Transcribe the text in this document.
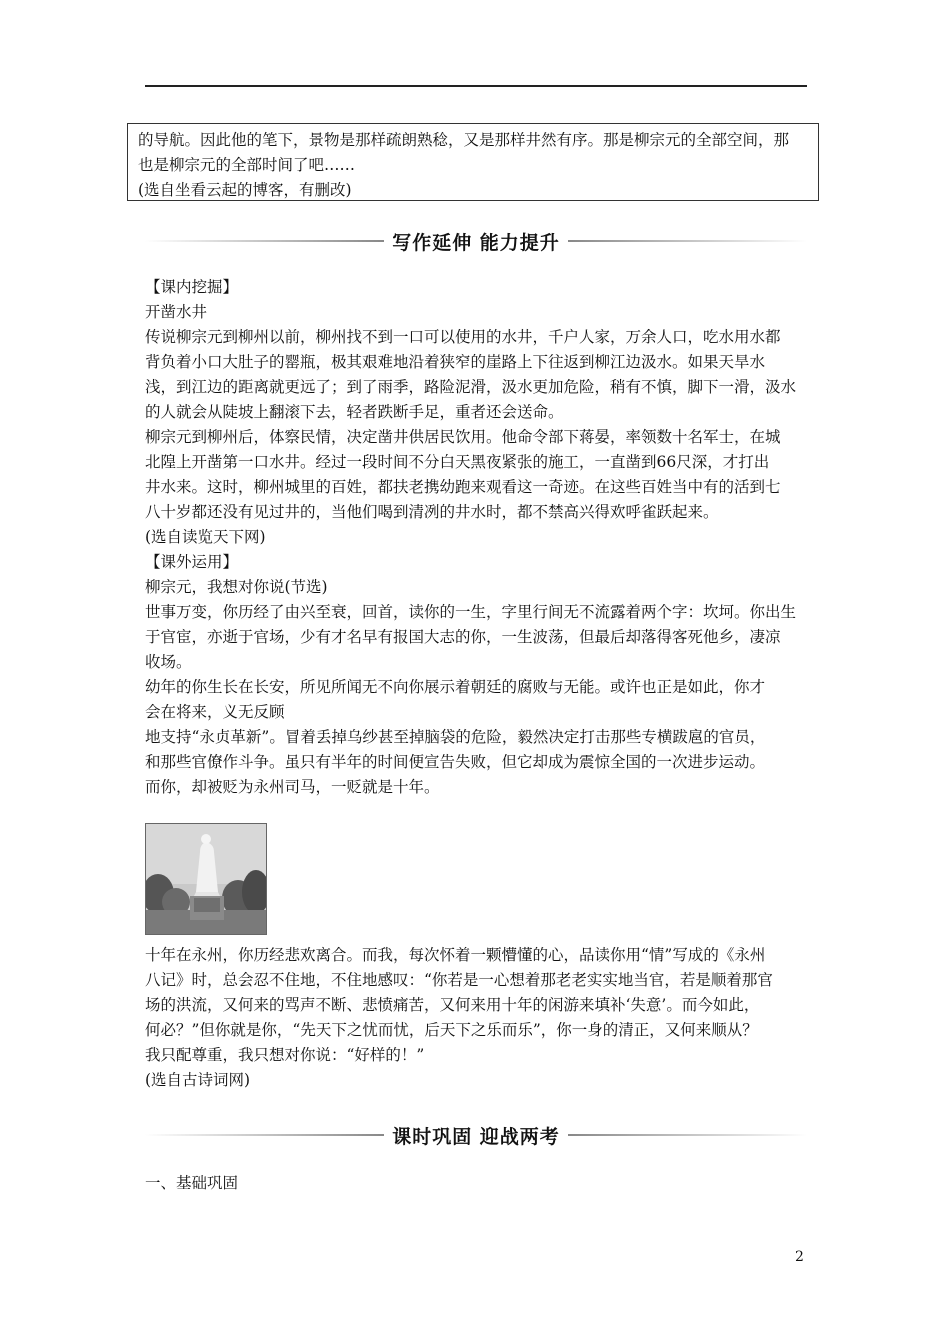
的导航。因此他的笔下，景物是那样疏朗熟稔，又是那样井然有序。那是柳宗元的全部空间，那

也是柳宗元的全部时间了吧……

(选自坐看云起的博客，有删改)

写作延伸 能力提升

【课内挖掘】

开凿水井

传说柳宗元到柳州以前，柳州找不到一口可以使用的水井，千户人家，万余人口，吃水用水都

背负着小口大肚子的罂瓶，极其艰难地沿着狭窄的崖路上下往返到柳江边汲水。如果天旱水

浅，到江边的距离就更远了；到了雨季，路险泥滑，汲水更加危险，稍有不慎，脚下一滑，汲水

的人就会从陡坡上翻滚下去，轻者跌断手足，重者还会送命。

柳宗元到柳州后，体察民情，决定凿井供居民饮用。他命令部下蒋晏，率领数十名军士，在城

北隍上开凿第一口水井。经过一段时间不分白天黑夜紧张的施工，一直凿到66尺深，才打出

井水来。这时，柳州城里的百姓，都扶老携幼跑来观看这一奇迹。在这些百姓当中有的活到七

八十岁都还没有见过井的，当他们喝到清冽的井水时，都不禁高兴得欢呼雀跃起来。

(选自读览天下网)

【课外运用】

柳宗元，我想对你说(节选)

世事万变，你历经了由兴至衰，回首，读你的一生，字里行间无不流露着两个字：坎坷。你出生

于官宦，亦逝于官场，少有才名早有报国大志的你，一生波荡，但最后却落得客死他乡，凄凉

收场。

幼年的你生长在长安，所见所闻无不向你展示着朝廷的腐败与无能。或许也正是如此，你才

会在将来，义无反顾

地支持“永贞革新”。冒着丢掉乌纱甚至掉脑袋的危险，毅然决定打击那些专横跋扈的官员，

和那些官僚作斗争。虽只有半年的时间便宣告失败，但它却成为震惊全国的一次进步运动。

而你，却被贬为永州司马，一贬就是十年。

十年在永州，你历经悲欢离合。而我，每次怀着一颗懵懂的心，品读你用“情”写成的《永州

八记》时，总会忍不住地，不住地感叹：“你若是一心想着那老老实实地当官，若是顺着那官

场的洪流，又何来的骂声不断、悲愤痛苦，又何来用十年的闲游来填补‘失意’。而今如此，

何必？”但你就是你，“先天下之忧而忧，后天下之乐而乐”，你一身的清正，又何来顺从？

我只配尊重，我只想对你说：“好样的！”

(选自古诗词网)

课时巩固 迎战两考

一、基础巩固

2
